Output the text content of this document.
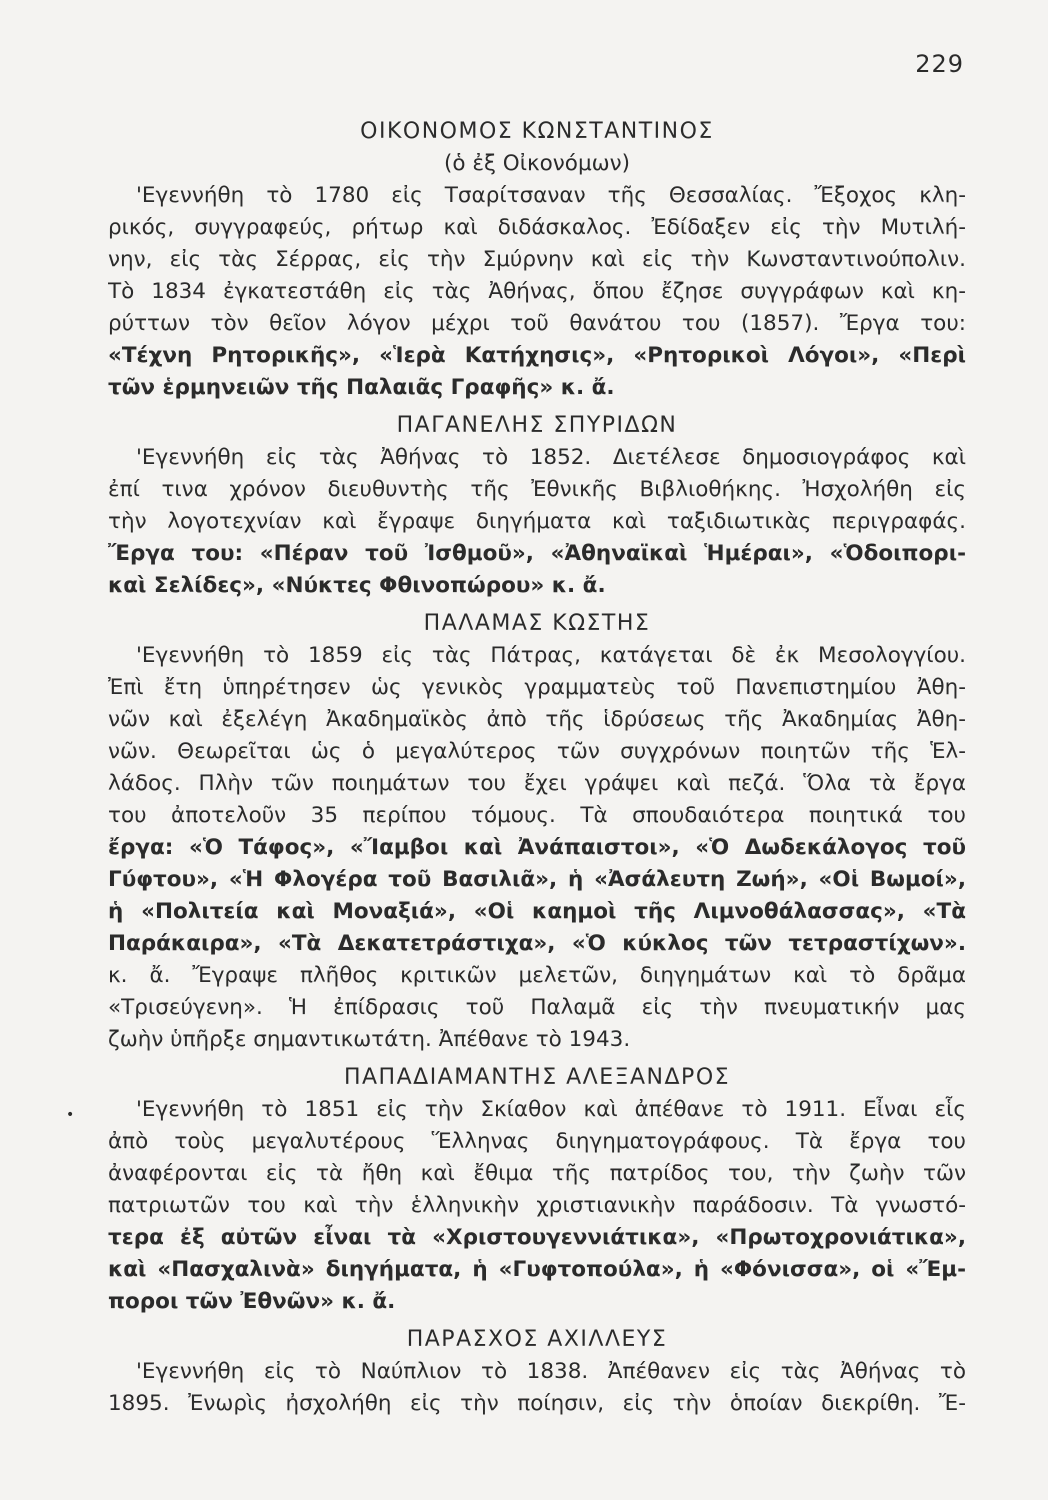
229
•
ΟΙΚΟΝΟΜΟΣ ΚΩΝΣΤΑΝΤΙΝΟΣ
(ὁ ἐξ Οἰκονόμων)
'Εγεννήθη τὸ 1780 εἰς Τσαρίτσαναν τῆς Θεσσαλίας. Ἔξοχος κλη-
ρικός, συγγραφεύς, ρήτωρ καὶ διδάσκαλος. Ἐδίδαξεν εἰς τὴν Μυτιλή-
νην, εἰς τὰς Σέρρας, εἰς τὴν Σμύρνην καὶ εἰς τὴν Κωνσταντινούπολιν.
Τὸ 1834 ἐγκατεστάθη εἰς τὰς Ἀθήνας, ὅπου ἔζησε συγγράφων καὶ κη-
ρύττων τὸν θεῖον λόγον μέχρι τοῦ θανάτου του (1857). Ἔργα του:
«Τέχνη Ρητορικῆς», «Ἱερὰ Κατήχησις», «Ρητορικοὶ Λόγοι», «Περὶ
τῶν ἑρμηνειῶν τῆς Παλαιᾶς Γραφῆς» κ. ἄ.
ΠΑΓΑΝΕΛΗΣ ΣΠΥΡΙΔΩΝ
'Εγεννήθη εἰς τὰς Ἀθήνας τὸ 1852. Διετέλεσε δημοσιογράφος καὶ
ἐπί τινα χρόνον διευθυντὴς τῆς Ἐθνικῆς Βιβλιοθήκης. Ἠσχολήθη εἰς
τὴν λογοτεχνίαν καὶ ἔγραψε διηγήματα καὶ ταξιδιωτικὰς περιγραφάς.
Ἔργα του: «Πέραν τοῦ Ἰσθμοῦ», «Ἀθηναϊκαὶ Ἡμέραι», «Ὁδοιπορι-
καὶ Σελίδες», «Νύκτες Φθινοπώρου» κ. ἄ.
ΠΑΛΑΜΑΣ ΚΩΣΤΗΣ
'Εγεννήθη τὸ 1859 εἰς τὰς Πάτρας, κατάγεται δὲ ἐκ Μεσολογγίου.
Ἐπὶ ἔτη ὑπηρέτησεν ὡς γενικὸς γραμματεὺς τοῦ Πανεπιστημίου Ἀθη-
νῶν καὶ ἐξελέγη Ἀκαδημαϊκὸς ἀπὸ τῆς ἱδρύσεως τῆς Ἀκαδημίας Ἀθη-
νῶν. Θεωρεῖται ὡς ὁ μεγαλύτερος τῶν συγχρόνων ποιητῶν τῆς Ἑλ-
λάδος. Πλὴν τῶν ποιημάτων του ἔχει γράψει καὶ πεζά. Ὅλα τὰ ἔργα
του ἀποτελοῦν 35 περίπου τόμους. Τὰ σπουδαιότερα ποιητικά του
ἔργα: «Ὁ Τάφος», «Ἴαμβοι καὶ Ἀνάπαιστοι», «Ὁ Δωδεκάλογος τοῦ
Γύφτου», «Ἡ Φλογέρα τοῦ Βασιλιᾶ», ἡ «Ἀσάλευτη Ζωή», «Οἱ Βωμοί»,
ἡ «Πολιτεία καὶ Μοναξιά», «Οἱ καημοὶ τῆς Λιμνοθάλασσας», «Τὰ
Παράκαιρα», «Τὰ Δεκατετράστιχα», «Ὁ κύκλος τῶν τετραστίχων».
κ. ἄ. Ἔγραψε πλῆθος κριτικῶν μελετῶν, διηγημάτων καὶ τὸ δρᾶμα
«Τρισεύγενη». Ἡ ἐπίδρασις τοῦ Παλαμᾶ εἰς τὴν πνευματικήν μας
ζωὴν ὑπῆρξε σημαντικωτάτη. Ἀπέθανε τὸ 1943.
ΠΑΠΑΔΙΑΜΑΝΤΗΣ ΑΛΕΞΑΝΔΡΟΣ
'Εγεννήθη τὸ 1851 εἰς τὴν Σκίαθον καὶ ἀπέθανε τὸ 1911. Εἶναι εἷς
ἀπὸ τοὺς μεγαλυτέρους Ἕλληνας διηγηματογράφους. Τὰ ἔργα του
ἀναφέρονται εἰς τὰ ἤθη καὶ ἔθιμα τῆς πατρίδος του, τὴν ζωὴν τῶν
πατριωτῶν του καὶ τὴν ἑλληνικὴν χριστιανικὴν παράδοσιν. Τὰ γνωστό-
τερα ἐξ αὐτῶν εἶναι τὰ «Χριστουγεννιάτικα», «Πρωτοχρονιάτικα»,
καὶ «Πασχαλινὰ» διηγήματα, ἡ «Γυφτοπούλα», ἡ «Φόνισσα», οἱ «Ἔμ-
ποροι τῶν Ἐθνῶν» κ. ἄ.
ΠΑΡΑΣΧΟΣ ΑΧΙΛΛΕΥΣ
'Εγεννήθη εἰς τὸ Ναύπλιον τὸ 1838. Ἀπέθανεν εἰς τὰς Ἀθήνας τὸ
1895. Ἐνωρὶς ἠσχολήθη εἰς τὴν ποίησιν, εἰς τὴν ὁποίαν διεκρίθη. Ἔ-
